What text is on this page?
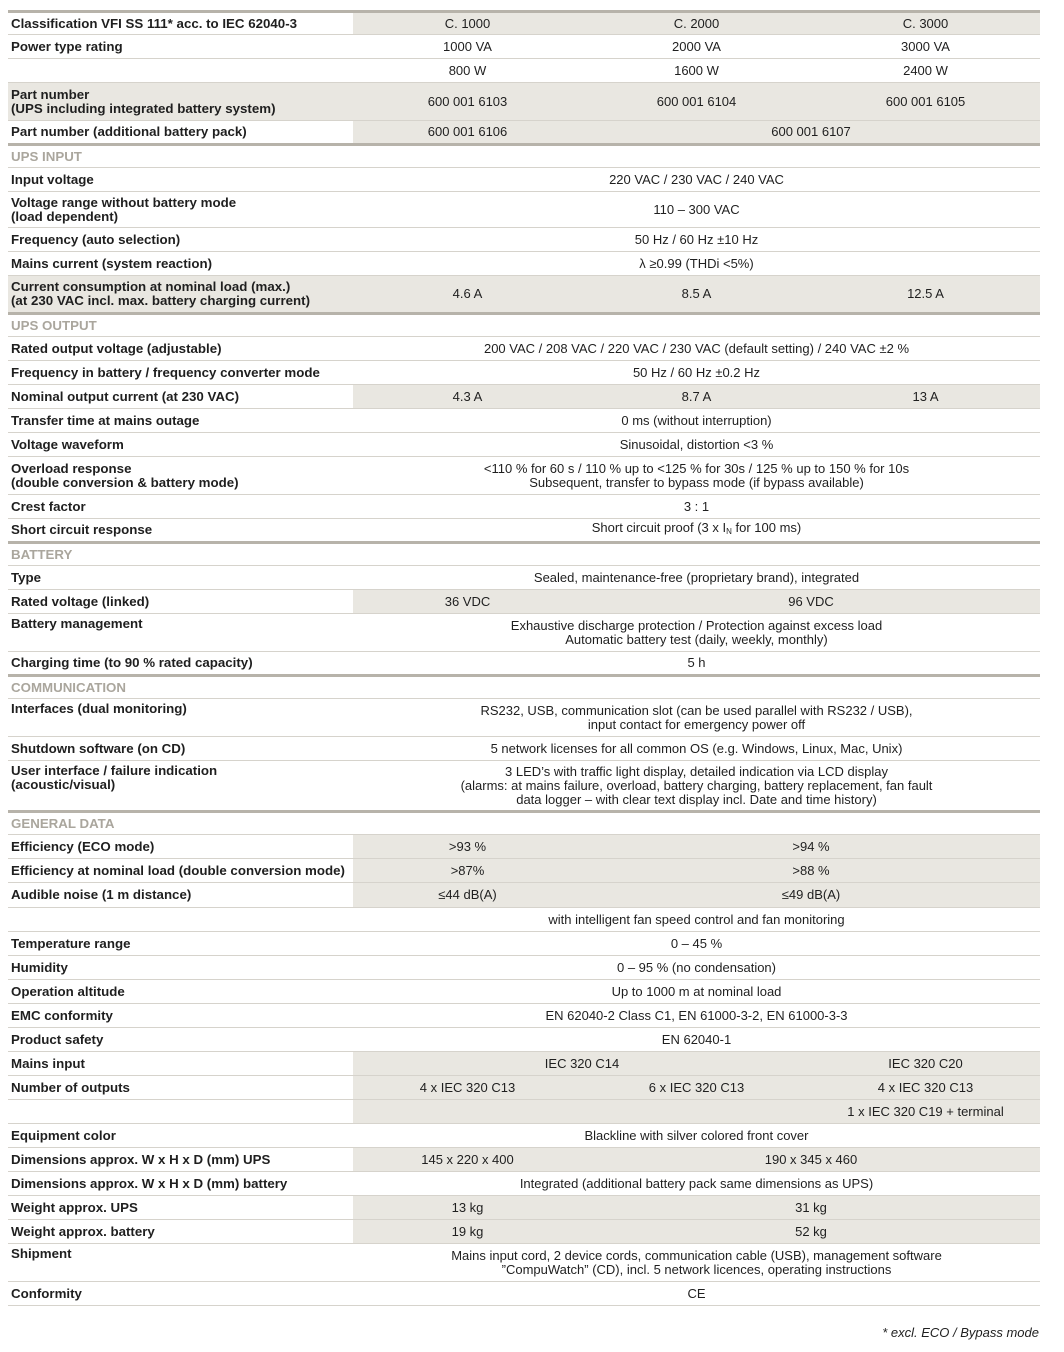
Classification VFI SS 111* acc. to IEC 62040-3	C. 1000	C. 2000	C. 3000
Power type rating	1000 VA	2000 VA	3000 VA
	800 W	1600 W	2400 W
Part number
(UPS including integrated battery system)	600 001 6103	600 001 6104	600 001 6105
Part number (additional battery pack)	600 001 6106	600 001 6107	
UPS INPUT			
Input voltage	220 VAC / 230 VAC / 240 VAC		
Voltage range without battery mode
(load dependent)	110 – 300 VAC		
Frequency (auto selection)	50 Hz / 60 Hz ±10 Hz		
Mains current (system reaction)	λ ≥0.99 (THDi <5%)		
Current consumption at nominal load (max.)
(at 230 VAC incl. max. battery charging current)	4.6 A	8.5 A	12.5 A
UPS OUTPUT			
Rated output voltage (adjustable)	200 VAC / 208 VAC / 220 VAC / 230 VAC (default setting) / 240 VAC ±2 %		
Frequency in battery / frequency converter mode	50 Hz / 60 Hz ±0.2 Hz		
Nominal output current (at 230 VAC)	4.3 A	8.7 A	13 A
Transfer time at mains outage	0 ms (without interruption)		
Voltage waveform	Sinusoidal, distortion <3 %		
Overload response
(double conversion & battery mode)	<110 % for 60 s / 110 % up to <125 % for 30s / 125 % up to 150 % for 10s
Subsequent, transfer to bypass mode (if bypass available)		
Crest factor	3 : 1		
Short circuit response	Short circuit proof (3 x $I_N$ for 100 ms)		
BATTERY			
Type	Sealed, maintenance-free (proprietary brand), integrated		
Rated voltage (linked)	36 VDC	96 VDC	
Battery management	Exhaustive discharge protection / Protection against excess load
Automatic battery test (daily, weekly, monthly)		
Charging time (to 90 % rated capacity)	5 h		
COMMUNICATION			
Interfaces (dual monitoring)	RS232, USB, communication slot (can be used parallel with RS232 / USB),
input contact for emergency power off		
Shutdown software (on CD)	5 network licenses for all common OS (e.g. Windows, Linux, Mac, Unix)		
User interface / failure indication
(acoustic/visual)	3 LED’s with traffic light display, detailed indication via LCD display
(alarms: at mains failure, overload, battery charging, battery replacement, fan fault
data logger – with clear text display incl. Date and time history)		
GENERAL DATA			
Efficiency (ECO mode)	>93 %	>94 %	
Efficiency at nominal load (double conversion mode)	>87%	>88 %	
Audible noise (1 m distance)	≤44 dB(A)	≤49 dB(A)	
	with intelligent fan speed control and fan monitoring		
Temperature range	0 – 45 %		
Humidity	0 – 95 % (no condensation)		
Operation altitude	Up to 1000 m at nominal load		
EMC conformity	EN 62040-2 Class C1, EN 61000-3-2, EN 61000-3-3		
Product safety	EN 62040-1		
Mains input	IEC 320 C14		IEC 320 C20
Number of outputs	4 x IEC 320 C13	6 x IEC 320 C13	4 x IEC 320 C13
			1 x IEC 320 C19 + terminal
Equipment color	Blackline with silver colored front cover		
Dimensions approx. W x H x D (mm) UPS	145 x 220 x 400	190 x 345 x 460	
Dimensions approx. W x H x D (mm) battery	Integrated (additional battery pack same dimensions as UPS)		
Weight approx. UPS	13 kg	31 kg	
Weight approx. battery	19 kg	52 kg	
Shipment	Mains input cord, 2 device cords, communication cable (USB), management software
”CompuWatch” (CD), incl. 5 network licences, operating instructions		
Conformity	CE		
* excl. ECO / Bypass mode
